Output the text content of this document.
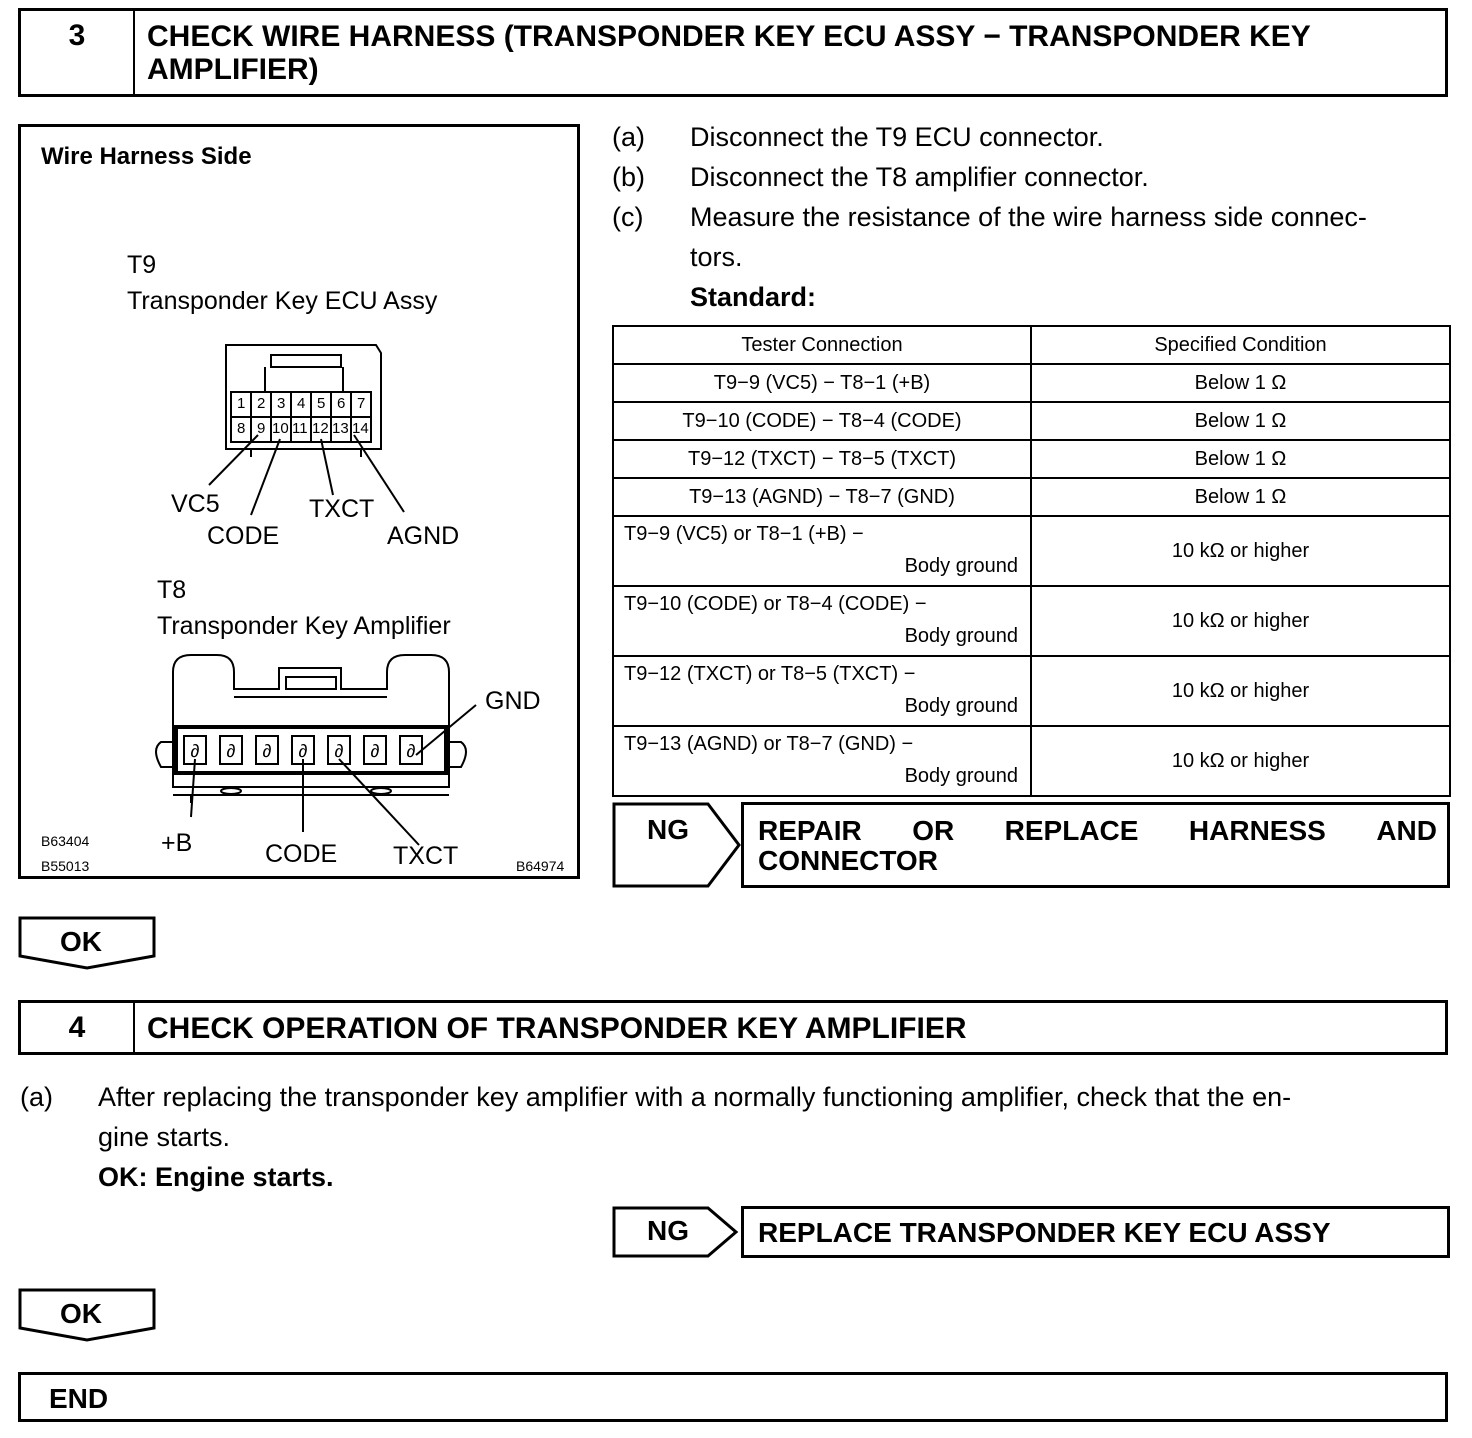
3	CHECK WIRE HARNESS (TRANSPONDER KEY ECU ASSY − TRANSPONDER KEY AMPLIFIER)
∂ ∂ ∂ ∂ ∂ ∂ ∂
Wire Harness Side
T9
Transponder Key ECU Assy
1 2 3 4 5 6 7
8 9 10 11 12 13 14
VC5
CODE
TXCT
AGND
T8
Transponder Key Amplifier
GND
+B	CODE TXCT
B63404
B55013	B64974
(a) Disconnect the T9 ECU connector.
(b) Disconnect the T8 amplifier connector.
(c) Measure the resistance of the wire harness side connec-
tors.
Standard:
Tester Connection	Specified Condition
T9−9 (VC5) − T8−1 (+B)	Below 1 Ω
T9−10 (CODE) − T8−4 (CODE)	Below 1 Ω
T9−12 (TXCT) − T8−5 (TXCT)	Below 1 Ω
T9−13 (AGND) − T8−7 (GND)	Below 1 Ω

T9−9 (VC5) or T8−1 (+B) −
Body ground	10 kΩ or higher

T9−10 (CODE) or T8−4 (CODE) −
Body ground	10 kΩ or higher

T9−12 (TXCT) or T8−5 (TXCT) −
Body ground	10 kΩ or higher

T9−13 (AGND) or T8−7 (GND) −
Body ground	10 kΩ or higher
NG REPAIR OR REPLACE HARNESS AND
CONNECTOR
OK
4	CHECK OPERATION OF TRANSPONDER KEY AMPLIFIER
(a) After replacing the transponder key amplifier with a normally functioning amplifier, check that the en-
gine starts.
OK: Engine starts.
NG REPLACE TRANSPONDER KEY ECU ASSY
OK
END
